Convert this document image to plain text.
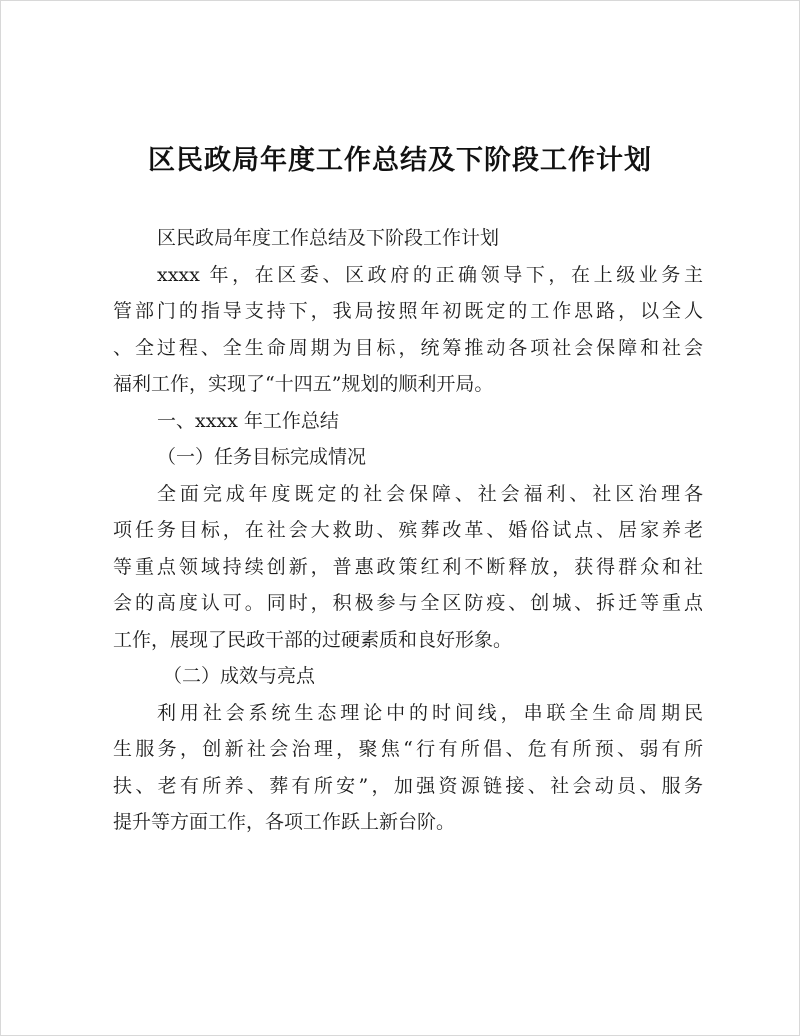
区民政局年度工作总结及下阶段工作计划
区民政局年度工作总结及下阶段工作计划
xxxx 年，在区委、区政府的正确领导下，在上级业务主
管部门的指导支持下，我局按照年初既定的工作思路，以全人
、全过程、全生命周期为目标，统筹推动各项社会保障和社会
福利工作，实现了“十四五”规划的顺利开局。
一、xxxx 年工作总结
（一）任务目标完成情况
全面完成年度既定的社会保障、社会福利、社区治理各
项任务目标，在社会大救助、殡葬改革、婚俗试点、居家养老
等重点领域持续创新，普惠政策红利不断释放，获得群众和社
会的高度认可。同时，积极参与全区防疫、创城、拆迁等重点
工作，展现了民政干部的过硬素质和良好形象。
（二）成效与亮点
利用社会系统生态理论中的时间线，串联全生命周期民
生服务，创新社会治理，聚焦“行有所倡、危有所预、弱有所
扶、老有所养、葬有所安”，加强资源链接、社会动员、服务
提升等方面工作，各项工作跃上新台阶。
